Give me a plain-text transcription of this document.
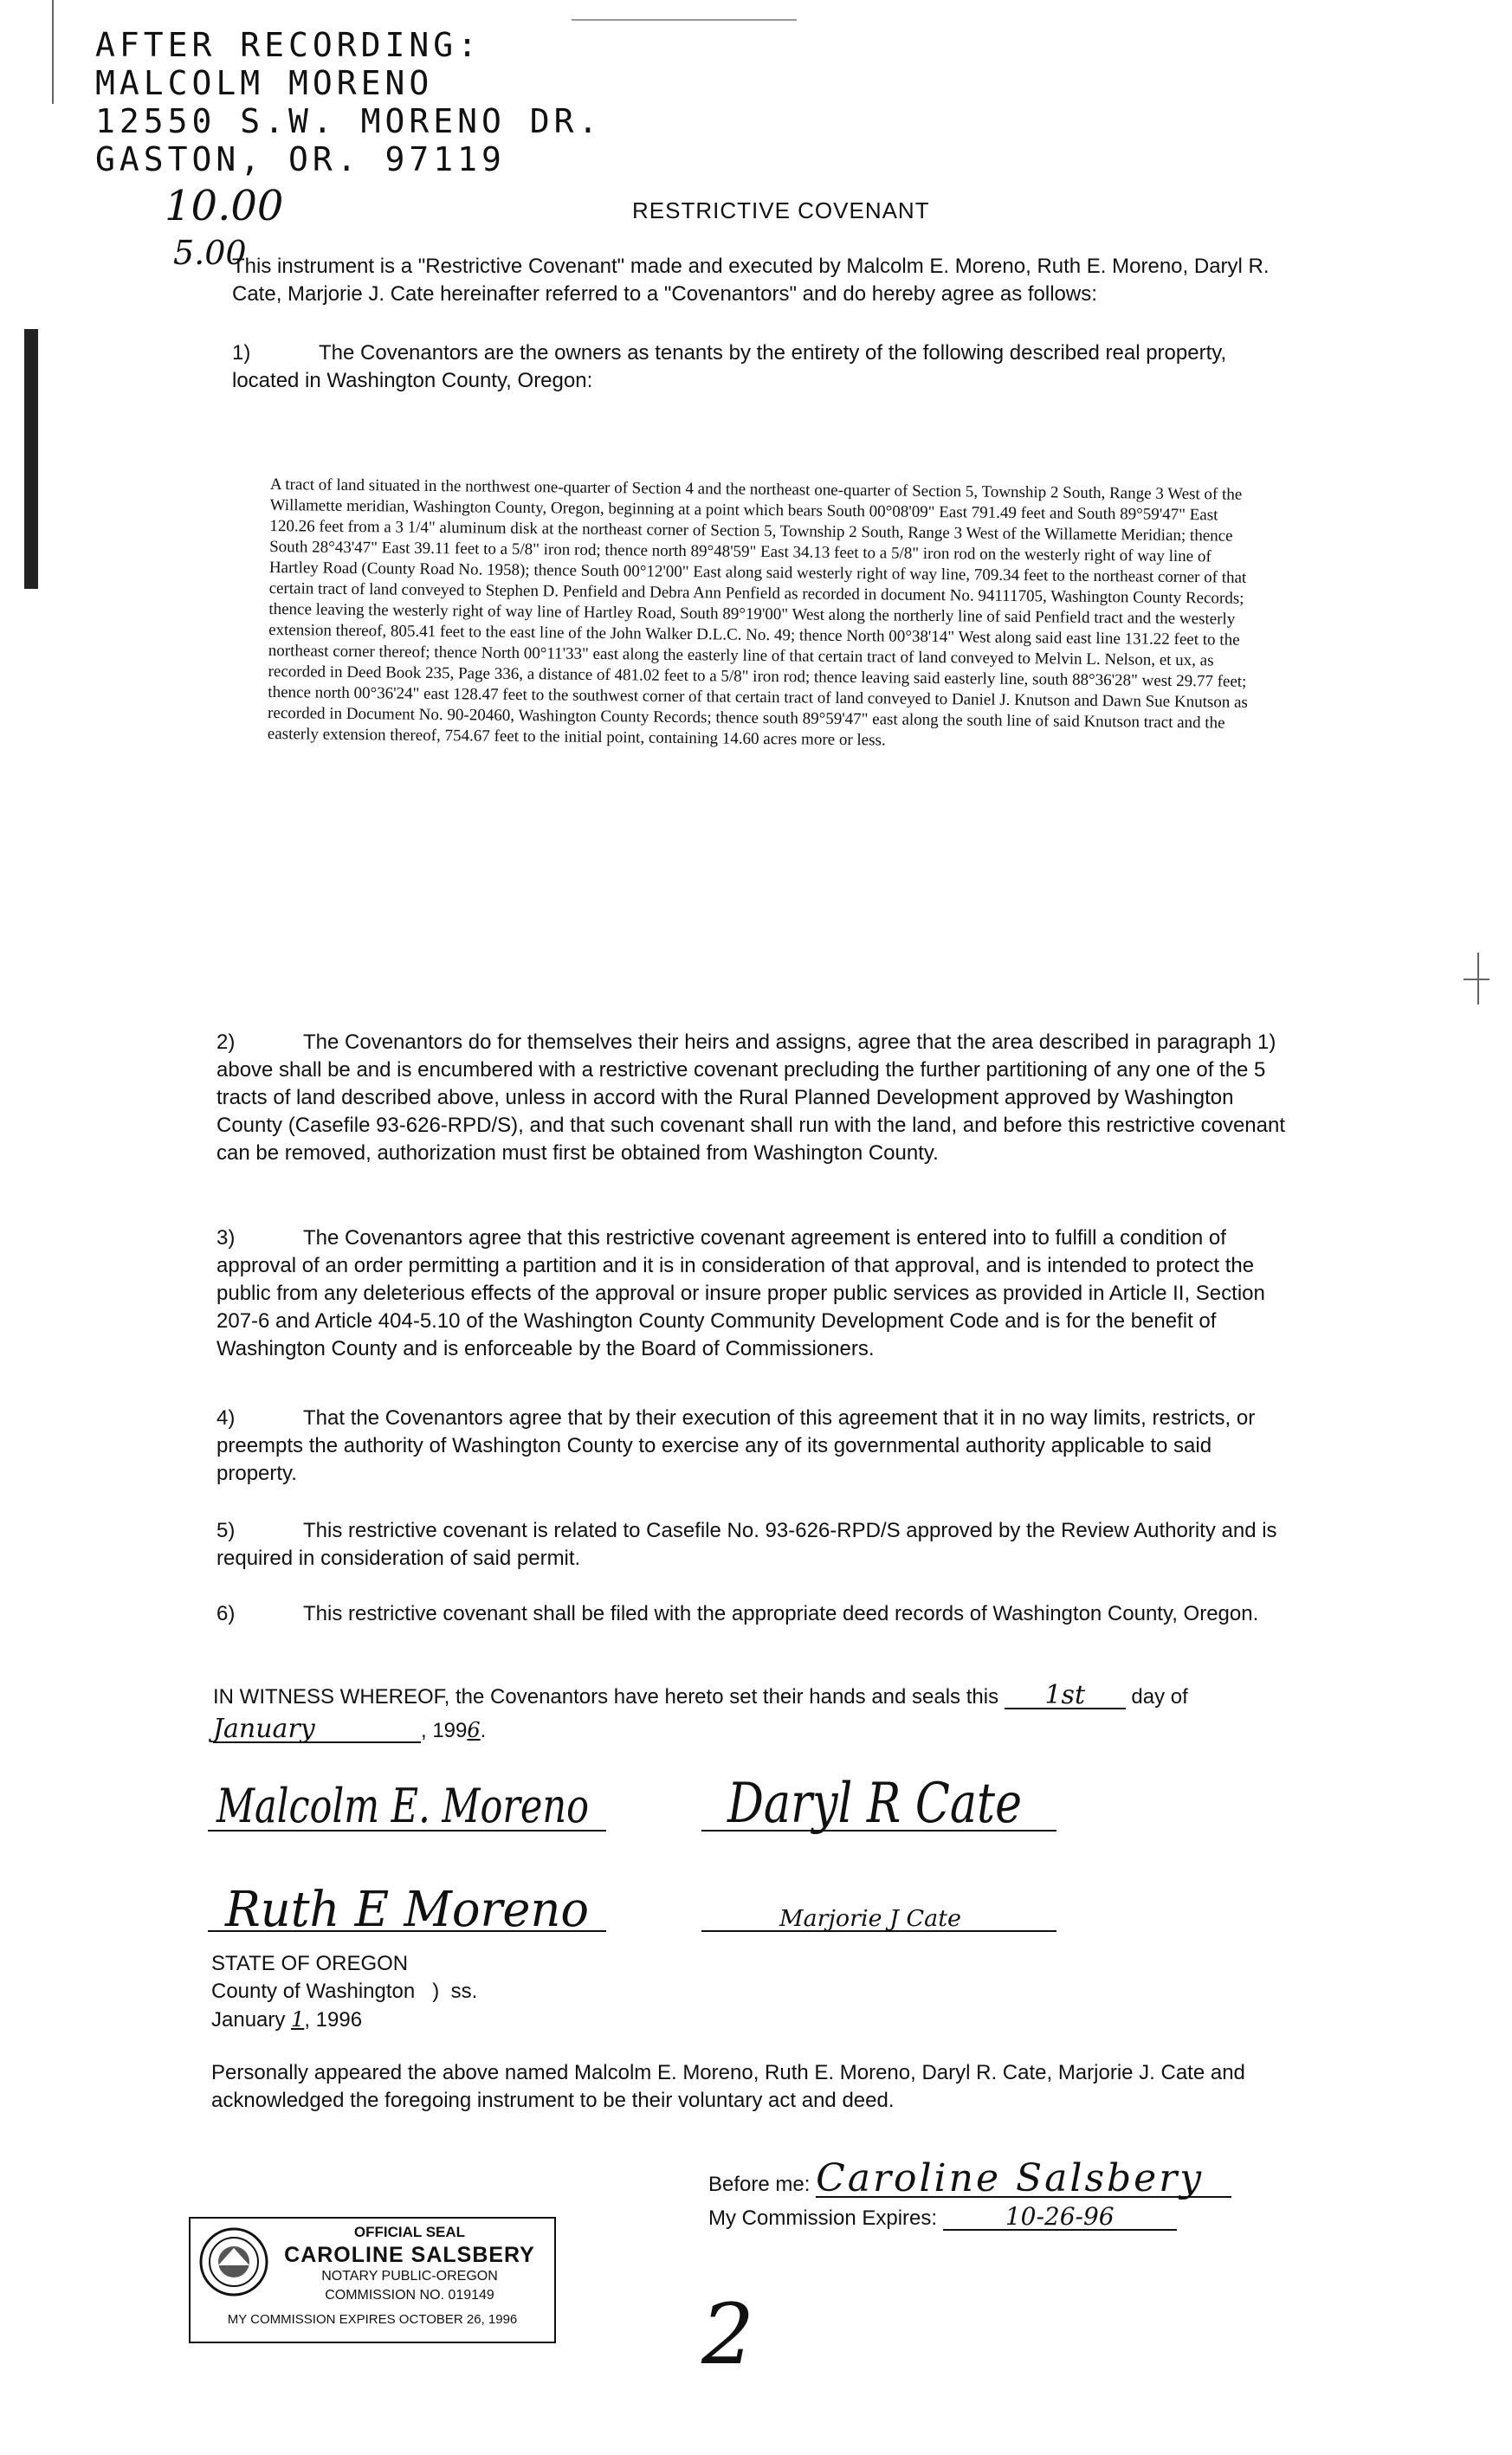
AFTER RECORDING:
MALCOLM MORENO
12550 S.W. MORENO DR.
GASTON, OR. 97119
10.00
5.00
RESTRICTIVE COVENANT
This instrument is a "Restrictive Covenant" made and executed by Malcolm E. Moreno, Ruth E. Moreno, Daryl R. Cate, Marjorie J. Cate hereinafter referred to a "Covenantors" and do hereby agree as follows:
1)	The Covenantors are the owners as tenants by the entirety of the following described real property, located in Washington County, Oregon:
A tract of land situated in the northwest one-quarter of Section 4 and the northeast one-quarter of Section 5, Township 2 South, Range 3 West of the Willamette meridian, Washington County, Oregon, beginning at a point which bears South 00°08'09" East 791.49 feet and South 89°59'47" East 120.26 feet from a 3 1/4" aluminum disk at the northeast corner of Section 5, Township 2 South, Range 3 West of the Willamette Meridian; thence South 28°43'47" East 39.11 feet to a 5/8" iron rod; thence north 89°48'59" East 34.13 feet to a 5/8" iron rod on the westerly right of way line of Hartley Road (County Road No. 1958); thence South 00°12'00" East along said westerly right of way line, 709.34 feet to the northeast corner of that certain tract of land conveyed to Stephen D. Penfield and Debra Ann Penfield as recorded in document No. 94111705, Washington County Records; thence leaving the westerly right of way line of Hartley Road, South 89°19'00" West along the northerly line of said Penfield tract and the westerly extension thereof, 805.41 feet to the east line of the John Walker D.L.C. No. 49; thence North 00°38'14" West along said east line 131.22 feet to the northeast corner thereof; thence North 00°11'33" east along the easterly line of that certain tract of land conveyed to Melvin L. Nelson, et ux, as recorded in Deed Book 235, Page 336, a distance of 481.02 feet to a 5/8" iron rod; thence leaving said easterly line, south 88°36'28" west 29.77 feet; thence north 00°36'24" east 128.47 feet to the southwest corner of that certain tract of land conveyed to Daniel J. Knutson and Dawn Sue Knutson as recorded in Document No. 90-20460, Washington County Records; thence south 89°59'47" east along the south line of said Knutson tract and the easterly extension thereof, 754.67 feet to the initial point, containing 14.60 acres more or less.
2)	The Covenantors do for themselves their heirs and assigns, agree that the area described in paragraph 1) above shall be and is encumbered with a restrictive covenant precluding the further partitioning of any one of the 5 tracts of land described above, unless in accord with the Rural Planned Development approved by Washington County (Casefile 93-626-RPD/S), and that such covenant shall run with the land, and before this restrictive covenant can be removed, authorization must first be obtained from Washington County.
3)	The Covenantors agree that this restrictive covenant agreement is entered into to fulfill a condition of approval of an order permitting a partition and it is in consideration of that approval, and is intended to protect the public from any deleterious effects of the approval or insure proper public services as provided in Article II, Section 207-6 and Article 404-5.10 of the Washington County Community Development Code and is for the benefit of Washington County and is enforceable by the Board of Commissioners.
4)	That the Covenantors agree that by their execution of this agreement that it in no way limits, restricts, or preempts the authority of Washington County to exercise any of its governmental authority applicable to said property.
5)	This restrictive covenant is related to Casefile No. 93-626-RPD/S approved by the Review Authority and is required in consideration of said permit.
6)	This restrictive covenant shall be filed with the appropriate deed records of Washington County, Oregon.
IN WITNESS WHEREOF, the Covenantors have hereto set their hands and seals this 1st day of
January	, 1996.
Malcolm E. Moreno Daryl R Cate
Ruth E Moreno	Marjorie J Cate
STATE OF OREGON
County of Washington   )  ss.
January 1, 1996
Personally appeared the above named Malcolm E. Moreno, Ruth E. Moreno, Daryl R. Cate, Marjorie J. Cate and acknowledged the foregoing instrument to be their voluntary act and deed.
Before me: Caroline Salsbery
My Commission Expires:	10-26-96
OFFICIAL SEAL
CAROLINE SALSBERY
NOTARY PUBLIC-OREGON
COMMISSION NO. 019149
MY COMMISSION EXPIRES OCTOBER 26, 1996	2
